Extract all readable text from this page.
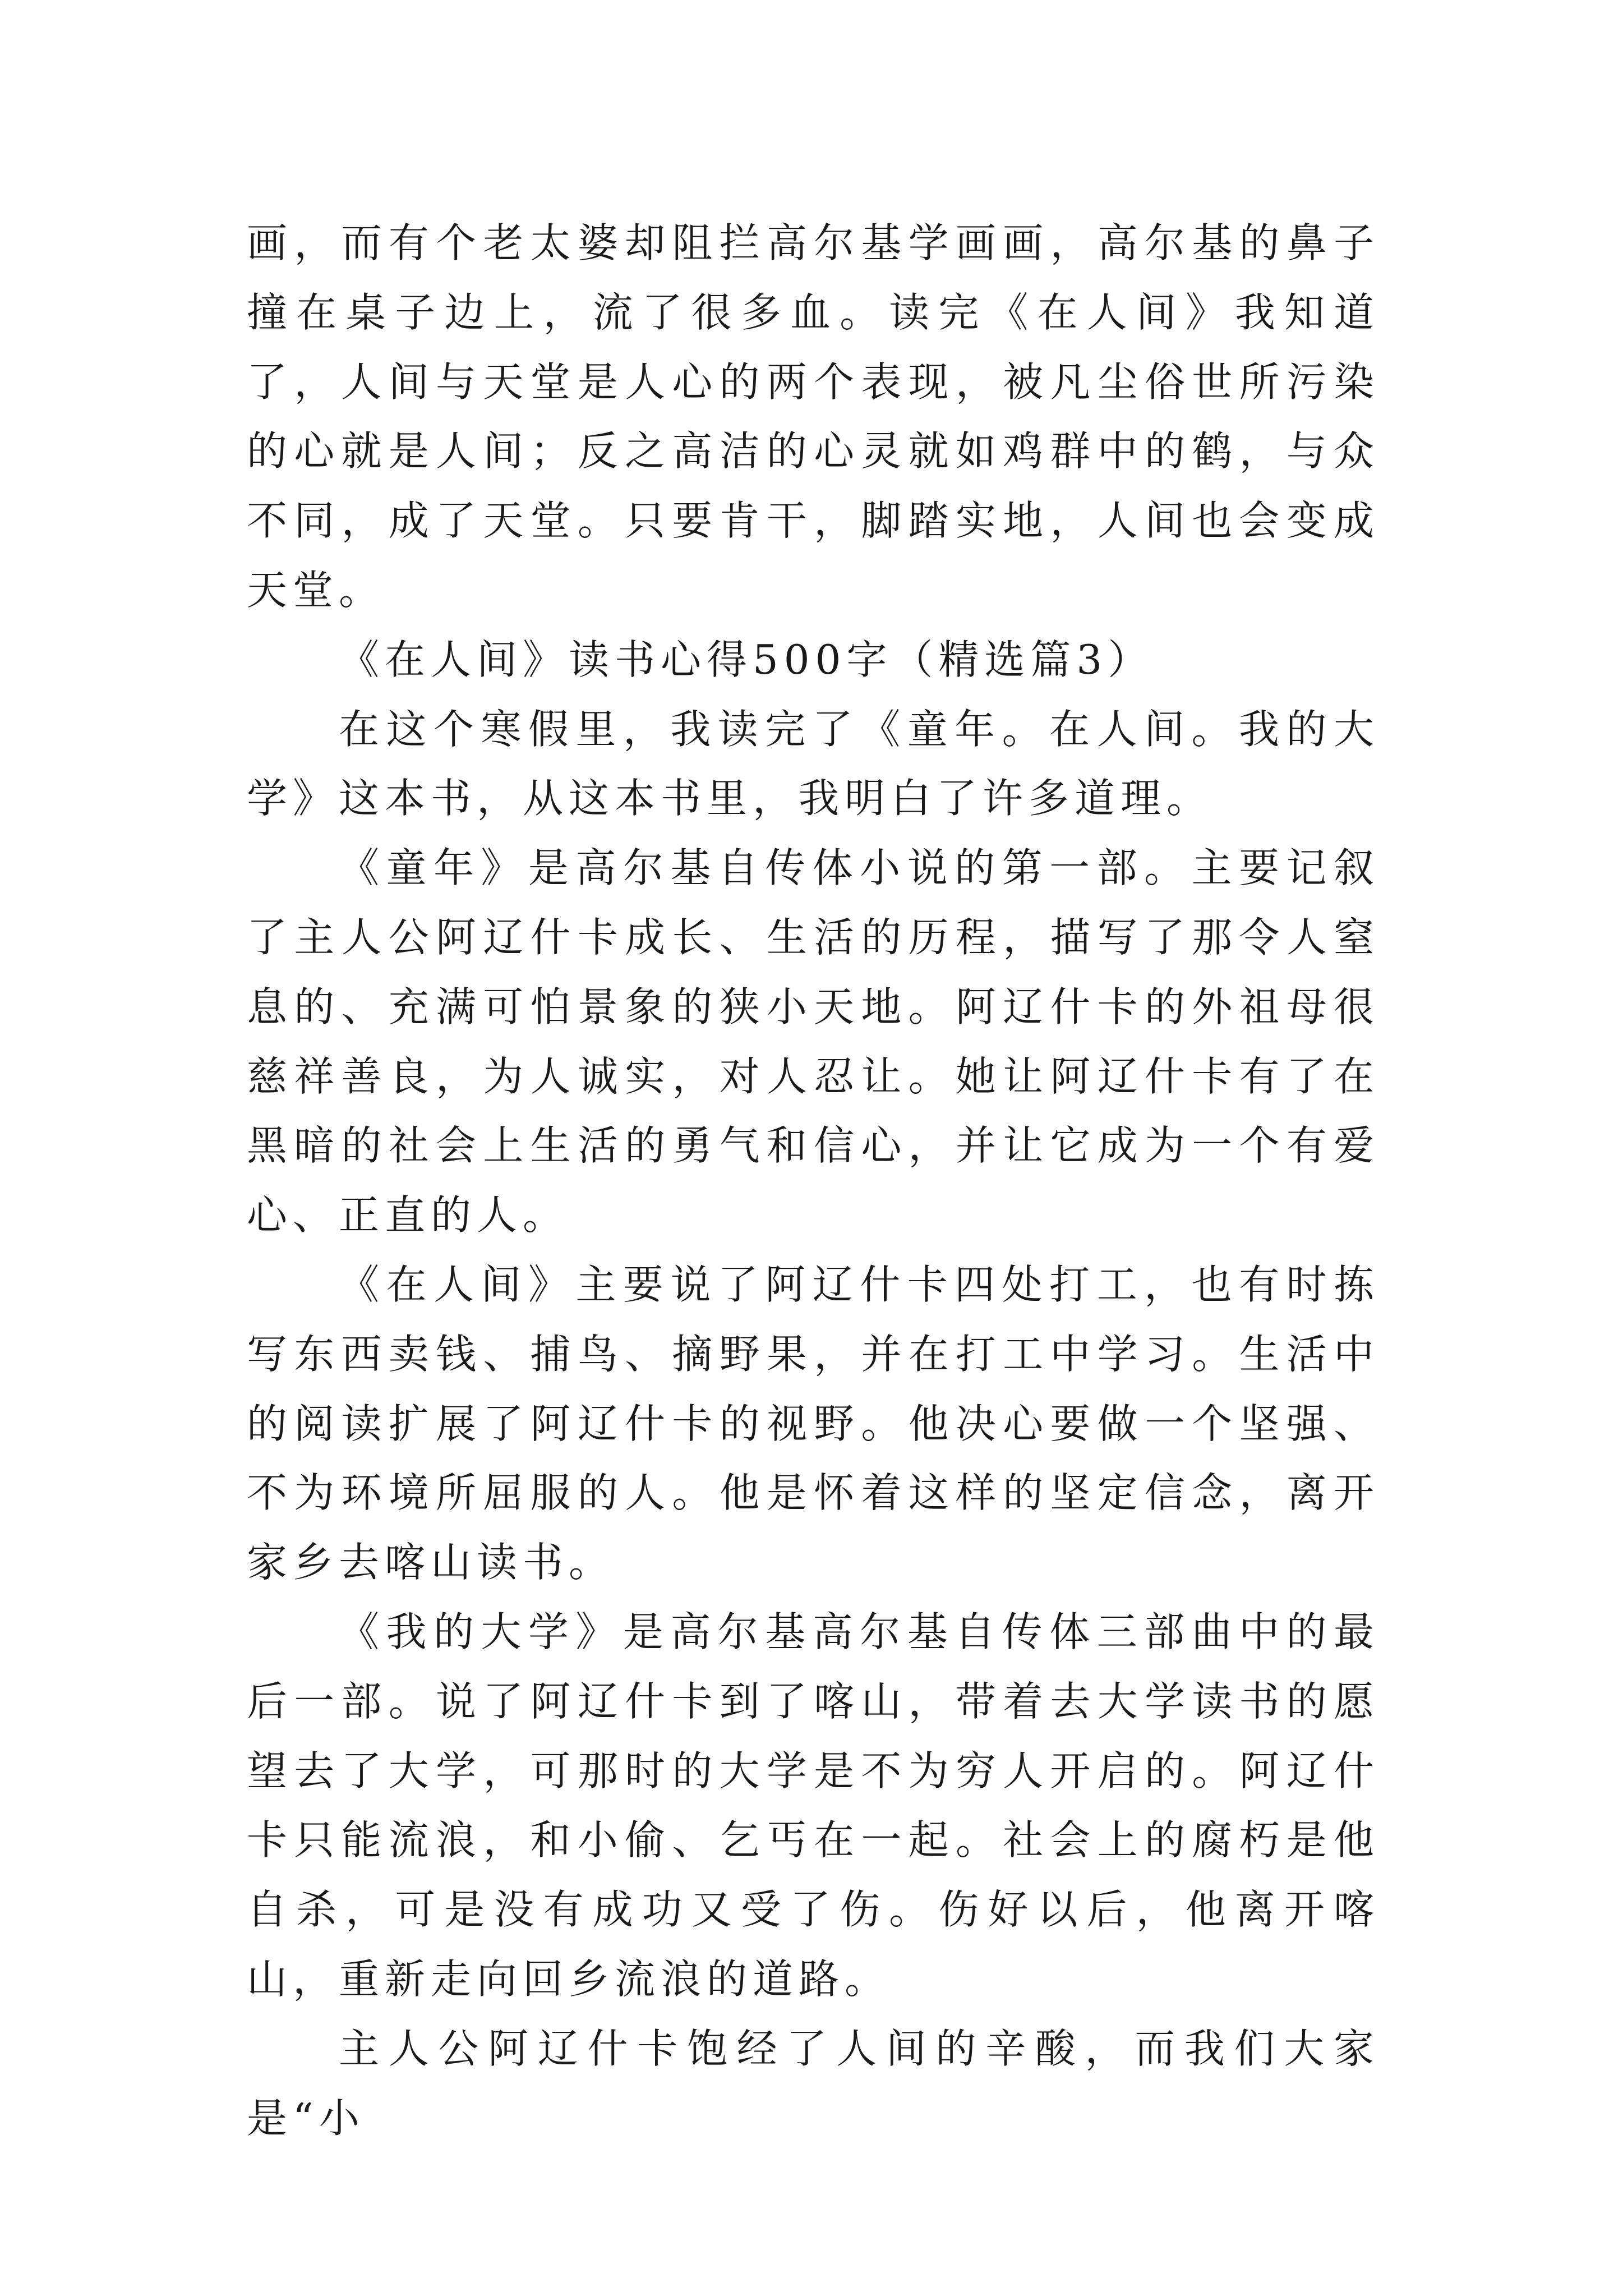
画，而有个老太婆却阻拦高尔基学画画，高尔基的鼻子撞在桌子边上，流了很多血。读完《在人间》我知道了，人间与天堂是人心的两个表现，被凡尘俗世所污染的心就是人间；反之高洁的心灵就如鸡群中的鹤，与众不同，成了天堂。只要肯干，脚踏实地，人间也会变成天堂。

《在人间》读书心得500字（精选篇3）

在这个寒假里，我读完了《童年。在人间。我的大学》这本书，从这本书里，我明白了许多道理。

《童年》是高尔基自传体小说的第一部。主要记叙了主人公阿辽什卡成长、生活的历程，描写了那令人窒息的、充满可怕景象的狭小天地。阿辽什卡的外祖母很慈祥善良，为人诚实，对人忍让。她让阿辽什卡有了在黑暗的社会上生活的勇气和信心，并让它成为一个有爱心、正直的人。

《在人间》主要说了阿辽什卡四处打工，也有时拣写东西卖钱、捕鸟、摘野果，并在打工中学习。生活中的阅读扩展了阿辽什卡的视野。他决心要做一个坚强、不为环境所屈服的人。他是怀着这样的坚定信念，离开家乡去喀山读书。

《我的大学》是高尔基高尔基自传体三部曲中的最后一部。说了阿辽什卡到了喀山，带着去大学读书的愿望去了大学，可那时的大学是不为穷人开启的。阿辽什卡只能流浪，和小偷、乞丐在一起。社会上的腐朽是他自杀，可是没有成功又受了伤。伤好以后，他离开喀山，重新走向回乡流浪的道路。

主人公阿辽什卡饱经了人间的辛酸，而我们大家是“小
